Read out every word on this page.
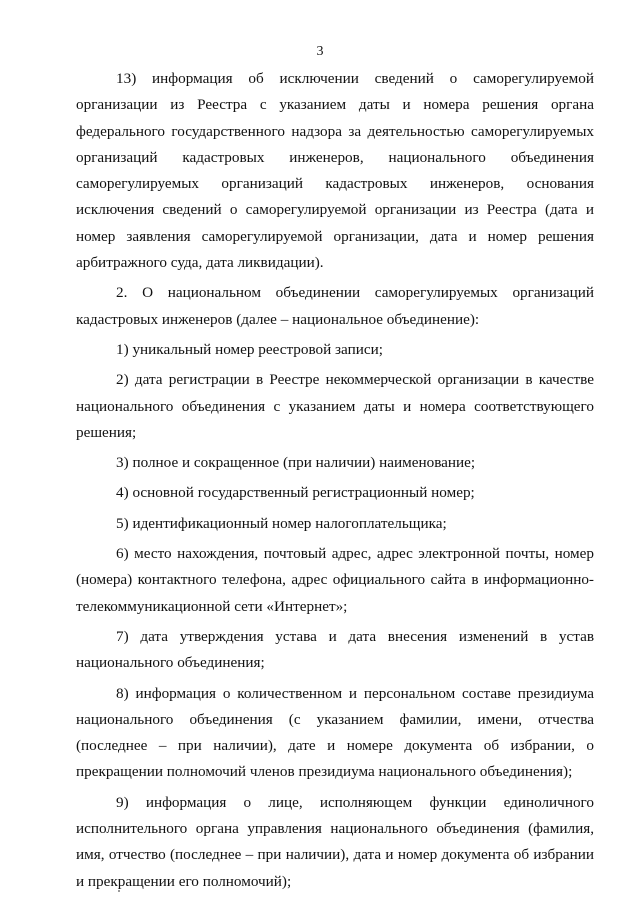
3

13) информация об исключении сведений о саморегулируемой организации из Реестра с указанием даты и номера решения органа федерального государственного надзора за деятельностью саморегулируемых организаций кадастровых инженеров, национального объединения саморегулируемых организаций кадастровых инженеров, основания исключения сведений о саморегулируемой организации из Реестра (дата и номер заявления саморегулируемой организации, дата и номер решения арбитражного суда, дата ликвидации).

2. О национальном объединении саморегулируемых организаций кадастровых инженеров (далее – национальное объединение):

1) уникальный номер реестровой записи;

2) дата регистрации в Реестре некоммерческой организации в качестве национального объединения с указанием даты и номера соответствующего решения;

3) полное и сокращенное (при наличии) наименование;

4) основной государственный регистрационный номер;

5) идентификационный номер налогоплательщика;

6) место нахождения, почтовый адрес, адрес электронной почты, номер (номера) контактного телефона, адрес официального сайта в информационно-телекоммуникационной сети «Интернет»;

7) дата утверждения устава и дата внесения изменений в устав национального объединения;

8) информация о количественном и персональном составе президиума национального объединения (с указанием фамилии, имени, отчества (последнее – при наличии), дате и номере документа об избрании, о прекращении полномочий членов президиума национального объединения);

9) информация о лице, исполняющем функции единоличного исполнительного органа управления национального объединения (фамилия, имя, отчество (последнее – при наличии), дата и номер документа об избрании и прекращении его полномочий);
